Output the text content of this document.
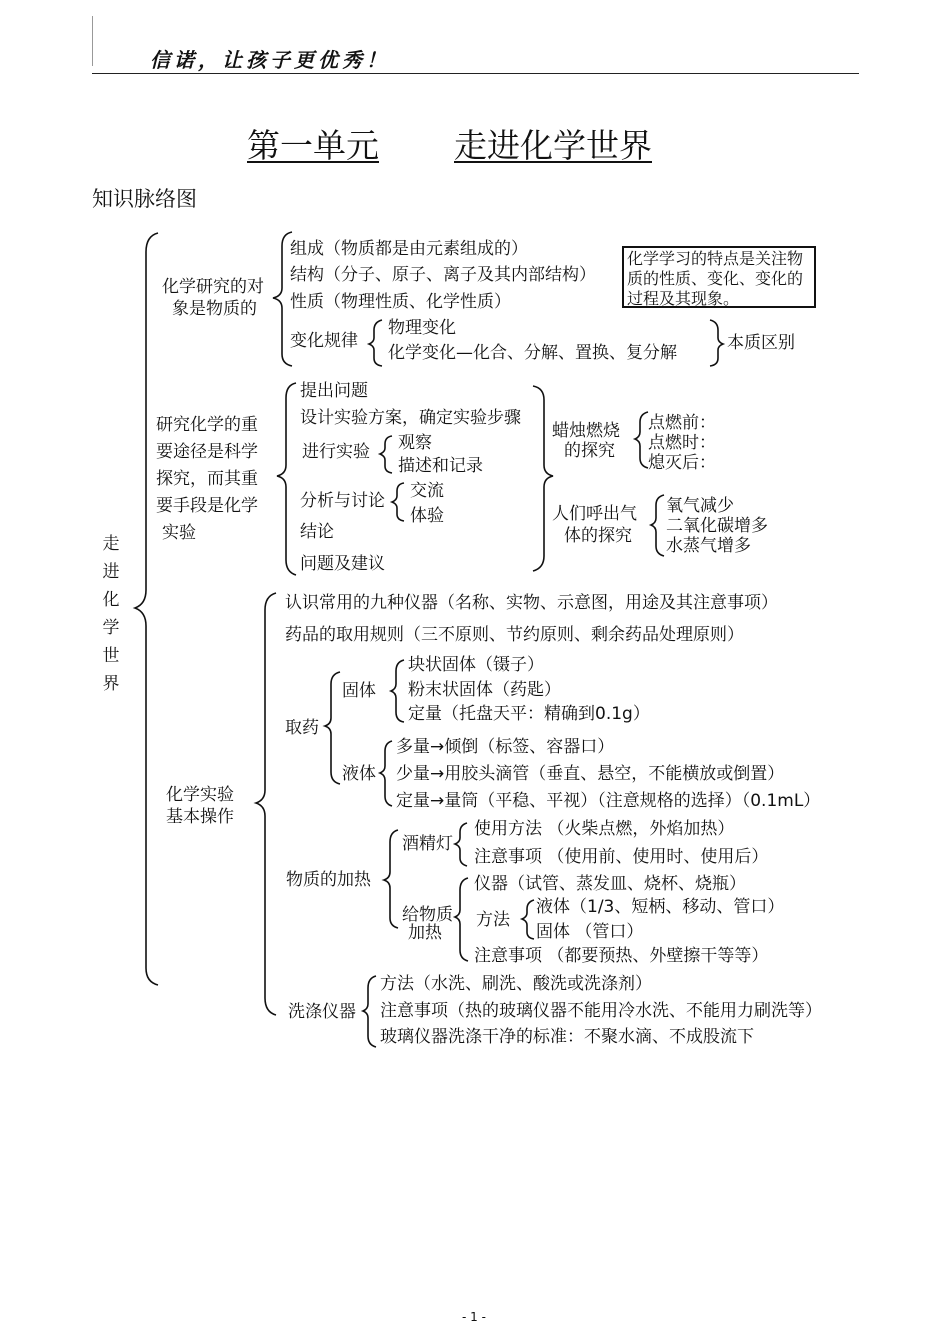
信诺，让孩子更优秀！
第一单元 走进化学世界
知识脉络图
走进化学世界
化学研究的对
象是物质的
组成（物质都是由元素组成的）
结构（分子、原子、离子及其内部结构）
性质（物理性质、化学性质）
变化规律
物理变化
化学变化—化合、分解、置换、复分解	本质区别
化学学习的特点是关注物质的性质、变化、变化的过程及其现象。
研究化学的重
要途径是科学
探究，而其重
要手段是化学
实验
提出问题
设计实验方案，确定实验步骤
进行实验 观察
描述和记录
分析与讨论 交流
体验
结论
问题及建议
蜡烛燃烧
的探究
点燃前：
点燃时：
熄灭后：
人们呼出气
体的探究
氧气减少
二氧化碳增多
水蒸气增多
化学实验
基本操作
认识常用的九种仪器（名称、实物、示意图，用途及其注意事项）
药品的取用规则（三不原则、节约原则、剩余药品处理原则）
取药
固体
块状固体（镊子）
粉末状固体（药匙）
定量（托盘天平：精确到0.1g）
液体
多量→倾倒（标签、容器口）
少量→用胶头滴管（垂直、悬空，不能横放或倒置）
定量→量筒（平稳、平视）（注意规格的选择）（0.1mL）
物质的加热
酒精灯
使用方法 （火柴点燃，外焰加热）
注意事项 （使用前、使用时、使用后）
给物质
加热
仪器（试管、蒸发皿、烧杯、烧瓶）
方法
液体（1/3、短柄、移动、管口）
固体 （管口）
注意事项 （都要预热、外壁擦干等等）
洗涤仪器
方法（水洗、刷洗、酸洗或洗涤剂）
注意事项（热的玻璃仪器不能用冷水洗、不能用力刷洗等）
玻璃仪器洗涤干净的标准：不聚水滴、不成股流下
- 1 -
